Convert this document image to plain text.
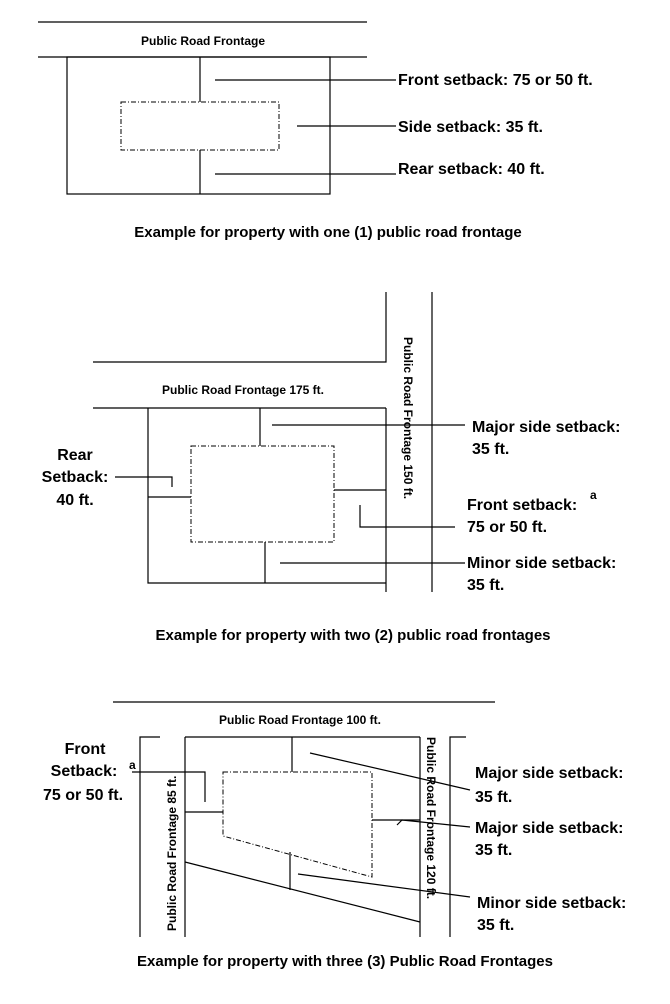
Public Road Frontage
Front setback: 75 or 50 ft.
Side setback: 35 ft.
Rear setback: 40 ft.
Example for property with one (1) public road frontage
Public Road Frontage 175 ft.	Public Road Frontage 150 ft.
Rear
Setback:
40 ft.
Major side setback:
35 ft.
Front setback:
a
75 or 50 ft.
Minor side setback:
35 ft.
Example for property with two (2) public road frontages
Public Road Frontage 100 ft.
Public Road Frontage 85 ft.	Public Road Frontage 120 ft.
Front
Setback: a
75 or 50 ft.
Major side setback:
35 ft.
Major side setback:
35 ft.
Minor side setback:
35 ft.
Example for property with three (3) Public Road Frontages
